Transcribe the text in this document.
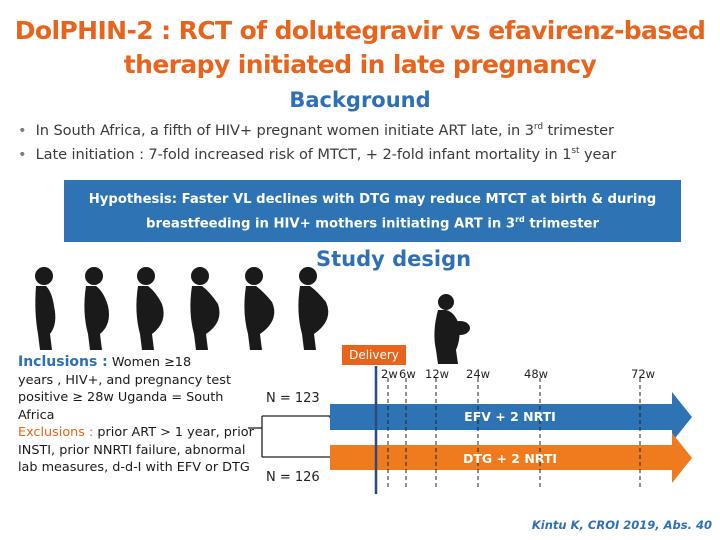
DolPHIN-2 : RCT of dolutegravir vs efavirenz-based
therapy initiated in late pregnancy
Background
• In South Africa, a fifth of HIV+ pregnant women initiate ART late, in 3rd trimester
• Late initiation : 7-fold increased risk of MTCT, + 2-fold infant mortality in 1st year
Hypothesis: Faster VL declines with DTG may reduce MTCT at birth & during
breastfeeding in HIV+ mothers initiating ART in 3rd trimester
Study design
Inclusions : Women ≥18
years , HIV+, and pregnancy test positive ≥ 28w Uganda = South Africa
Exclusions : prior ART > 1 year, prior INSTI, prior NNRTI failure, abnormal lab measures, d-d-I with EFV or DTG
Delivery
2w 6w 12w 24w	48w	72w
N = 123
N = 126
EFV + 2 NRTI
DTG + 2 NRTI
Kintu K, CROI 2019, Abs. 40
